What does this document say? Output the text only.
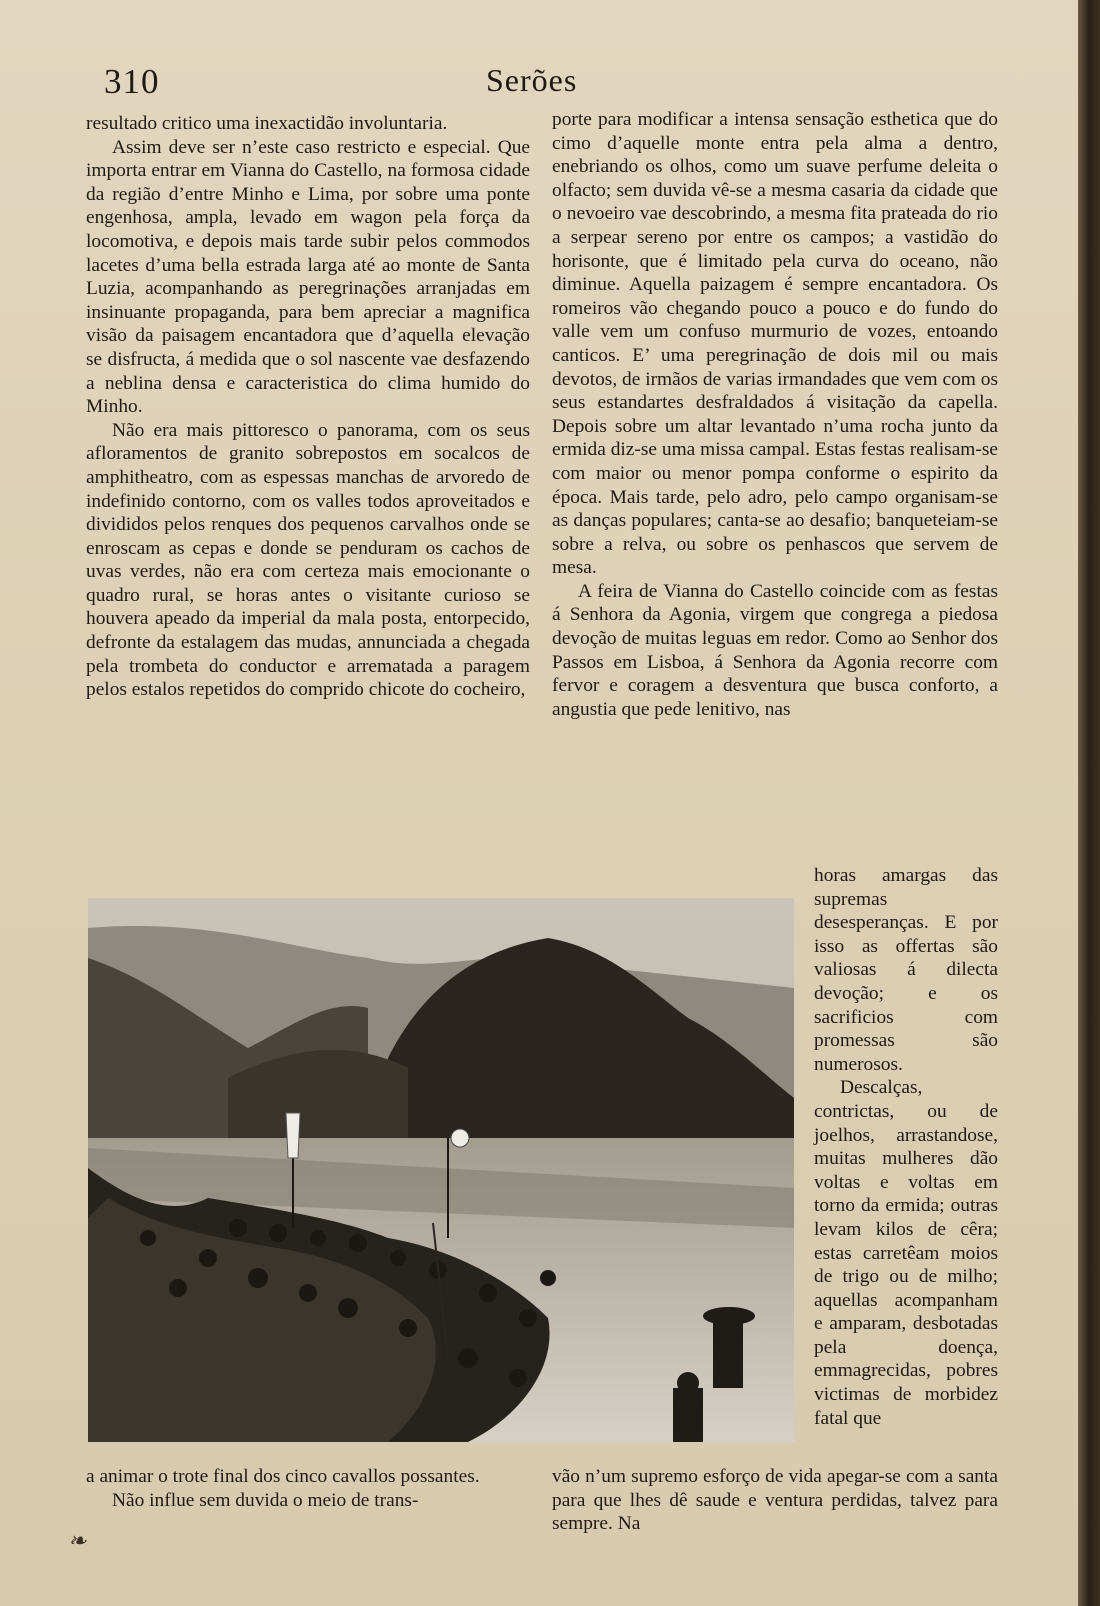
310	Serões

resultado critico uma inexactidão involuntaria.

Assim deve ser n’este caso restricto e especial. Que importa entrar em Vianna do Castello, na formosa cidade da região d’entre Minho e Lima, por sobre uma ponte engenhosa, ampla, levado em wagon pela força da locomotiva, e depois mais tarde subir pelos commodos lacetes d’uma bella estrada larga até ao monte de Santa Luzia, acompanhando as peregrinações arranjadas em insinuante propaganda, para bem apreciar a magnifica visão da paisagem encantadora que d’aquella elevação se disfructa, á medida que o sol nascente vae desfazendo a neblina densa e caracteristica do clima humido do Minho.

Não era mais pittoresco o panorama, com os seus afloramentos de granito sobrepostos em socalcos de amphitheatro, com as espessas manchas de arvoredo de indefinido contorno, com os valles todos aproveitados e divididos pelos renques dos pequenos carvalhos onde se enroscam as cepas e donde se penduram os cachos de uvas verdes, não era com certeza mais emocionante o quadro rural, se horas antes o visitante curioso se houvera apeado da imperial da mala posta, entorpecido, defronte da estalagem das mudas, annunciada a chegada pela trombeta do conductor e arrematada a paragem pelos estalos repetidos do comprido chicote do cocheiro,

porte para modificar a intensa sensação esthetica que do cimo d’aquelle monte entra pela alma a dentro, enebriando os olhos, como um suave perfume deleita o olfacto; sem duvida vê-se a mesma casaria da cidade que o nevoeiro vae descobrindo, a mesma fita prateada do rio a serpear sereno por entre os campos; a vastidão do horisonte, que é limitado pela curva do oceano, não diminue. Aquella paizagem é sempre encantadora. Os romeiros vão chegando pouco a pouco e do fundo do valle vem um confuso murmurio de vozes, entoando canticos. E’ uma peregrinação de dois mil ou mais devotos, de irmãos de varias irmandades que vem com os seus estandartes desfraldados á visitação da capella. Depois sobre um altar levantado n’uma rocha junto da ermida diz-se uma missa campal. Estas festas realisam-se com maior ou menor pompa conforme o espirito da época. Mais tarde, pelo adro, pelo campo organisam-se as danças populares; canta-se ao desafio; banqueteiam-se sobre a relva, ou sobre os penhascos que servem de mesa.

A feira de Vianna do Castello coincide com as festas á Senhora da Agonia, virgem que congrega a piedosa devoção de muitas leguas em redor. Como ao Senhor dos Passos em Lisboa, á Senhora da Agonia recorre com fervor e coragem a desventura que busca conforto, a angustia que pede lenitivo, nas

horas amargas das supremas desesperanças. E por isso as offertas são valiosas á dilecta devoção; e os sacrificios com promessas são numerosos.

Descalças, contrictas, ou de joelhos, arrastandose, muitas mulheres dão voltas e voltas em torno da ermida; outras levam kilos de cêra; estas carretêam moios de trigo ou de milho; aquellas acompanham e amparam, desbotadas pela doença, emmagrecidas, pobres victimas de morbidez fatal que

a animar o trote final dos cinco cavallos possantes.

Não influe sem duvida o meio de trans-

vão n’um supremo esforço de vida apegar-se com a santa para que lhes dê saude e ventura perdidas, talvez para sempre. Na

❧
